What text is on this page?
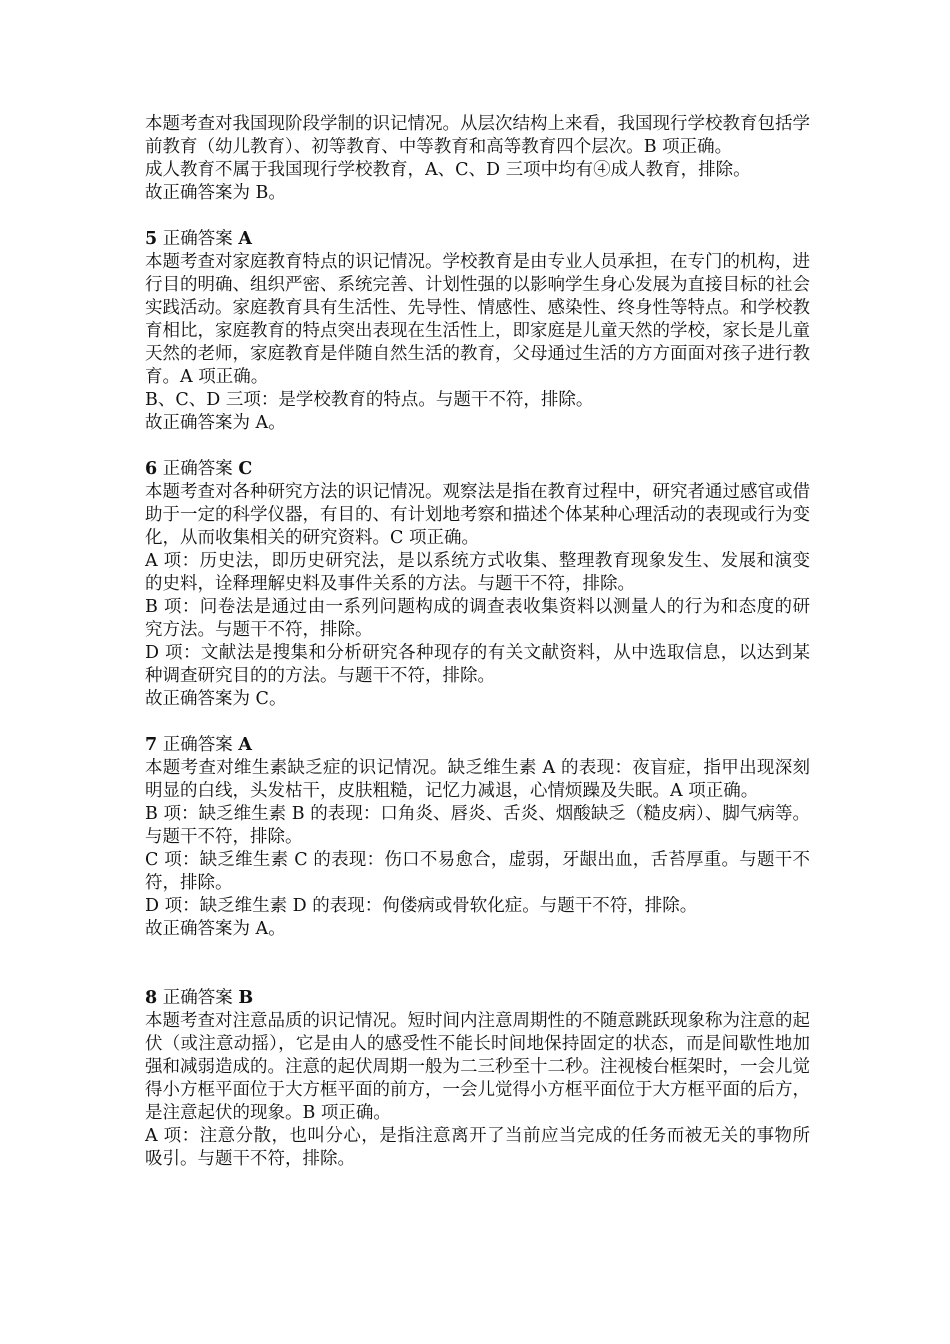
本题考查对我国现阶段学制的识记情况。从层次结构上来看，我国现行学校教育包括学前教育（幼儿教育）、初等教育、中等教育和高等教育四个层次。B 项正确。

成人教育不属于我国现行学校教育，A、C、D 三项中均有④成人教育，排除。

故正确答案为 B。

5 正确答案 A

本题考查对家庭教育特点的识记情况。学校教育是由专业人员承担，在专门的机构，进行目的明确、组织严密、系统完善、计划性强的以影响学生身心发展为直接目标的社会实践活动。家庭教育具有生活性、先导性、情感性、感染性、终身性等特点。和学校教育相比，家庭教育的特点突出表现在生活性上，即家庭是儿童天然的学校，家长是儿童天然的老师，家庭教育是伴随自然生活的教育，父母通过生活的方方面面对孩子进行教育。A 项正确。

B、C、D 三项：是学校教育的特点。与题干不符，排除。

故正确答案为 A。

6 正确答案 C

本题考查对各种研究方法的识记情况。观察法是指在教育过程中，研究者通过感官或借助于一定的科学仪器，有目的、有计划地考察和描述个体某种心理活动的表现或行为变化，从而收集相关的研究资料。C 项正确。

A 项：历史法，即历史研究法，是以系统方式收集、整理教育现象发生、发展和演变的史料，诠释理解史料及事件关系的方法。与题干不符，排除。

B 项：问卷法是通过由一系列问题构成的调查表收集资料以测量人的行为和态度的研究方法。与题干不符，排除。

D 项：文献法是搜集和分析研究各种现存的有关文献资料，从中选取信息，以达到某种调查研究目的的方法。与题干不符，排除。

故正确答案为 C。

7 正确答案 A

本题考查对维生素缺乏症的识记情况。缺乏维生素 A 的表现：夜盲症，指甲出现深刻明显的白线，头发枯干，皮肤粗糙，记忆力减退，心情烦躁及失眠。A 项正确。

B 项：缺乏维生素 B 的表现：口角炎、唇炎、舌炎、烟酸缺乏（糙皮病）、脚气病等。与题干不符，排除。

C 项：缺乏维生素 C 的表现：伤口不易愈合，虚弱，牙龈出血，舌苔厚重。与题干不符，排除。

D 项：缺乏维生素 D 的表现：佝偻病或骨软化症。与题干不符，排除。

故正确答案为 A。

8 正确答案 B

本题考查对注意品质的识记情况。短时间内注意周期性的不随意跳跃现象称为注意的起伏（或注意动摇），它是由人的感受性不能长时间地保持固定的状态，而是间歇性地加强和减弱造成的。注意的起伏周期一般为二三秒至十二秒。注视棱台框架时，一会儿觉得小方框平面位于大方框平面的前方，一会儿觉得小方框平面位于大方框平面的后方，是注意起伏的现象。B 项正确。

A 项：注意分散，也叫分心，是指注意离开了当前应当完成的任务而被无关的事物所吸引。与题干不符，排除。
